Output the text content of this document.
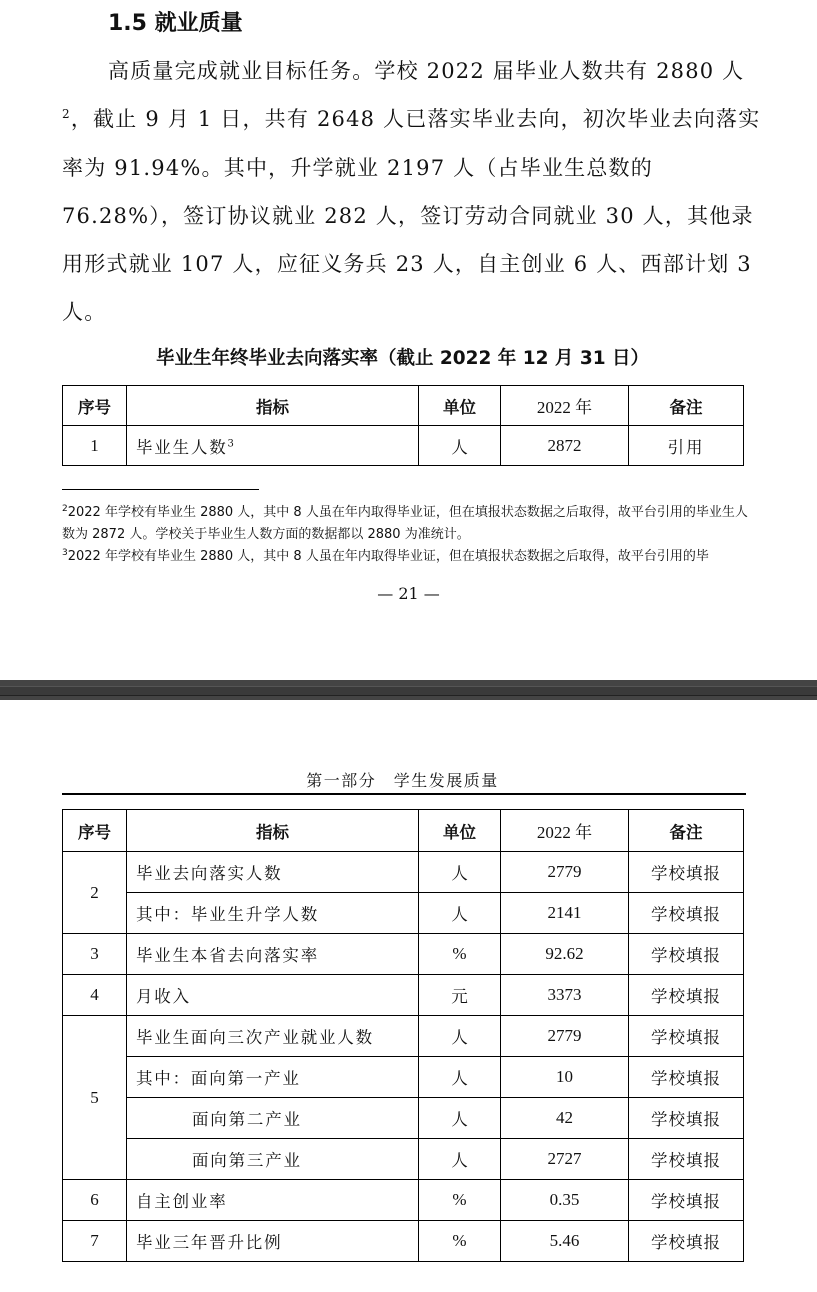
1.5 就业质量
高质量完成就业目标任务。学校 2022 届毕业人数共有 2880 人$^2$，截止 9 月 1 日，共有 2648 人已落实毕业去向，初次毕业去向落实率为 91.94%。其中，升学就业 2197 人（占毕业生总数的 76.28%），签订协议就业 282 人，签订劳动合同就业 30 人，其他录用形式就业 107 人，应征义务兵 23 人，自主创业 6 人、西部计划 3 人。
毕业生年终毕业去向落实率（截止 2022 年 12 月 31 日）
序号	指标	单位	2022 年	备注
1	毕业生人数$^3$	人	2872	引用
$^2$2022 年学校有毕业生 2880 人，其中 8 人虽在年内取得毕业证，但在填报状态数据之后取得，故平台引用的毕业生人数为 2872 人。学校关于毕业生人数方面的数据都以 2880 为准统计。
$^3$2022 年学校有毕业生 2880 人，其中 8 人虽在年内取得毕业证，但在填报状态数据之后取得，故平台引用的毕
— 21 —
第一部分　学生发展质量
序号	指标	单位	2022 年	备注
2	毕业去向落实人数	人	2779	学校填报
	其中：毕业生升学人数	人	2141	学校填报
3	毕业生本省去向落实率	%	92.62	学校填报
4	月收入	元	3373	学校填报
5	毕业生面向三次产业就业人数	人	2779	学校填报
	其中：面向第一产业	人	10	学校填报
	面向第二产业	人	42	学校填报
	面向第三产业	人	2727	学校填报
6	自主创业率	%	0.35	学校填报
7	毕业三年晋升比例	%	5.46	学校填报
